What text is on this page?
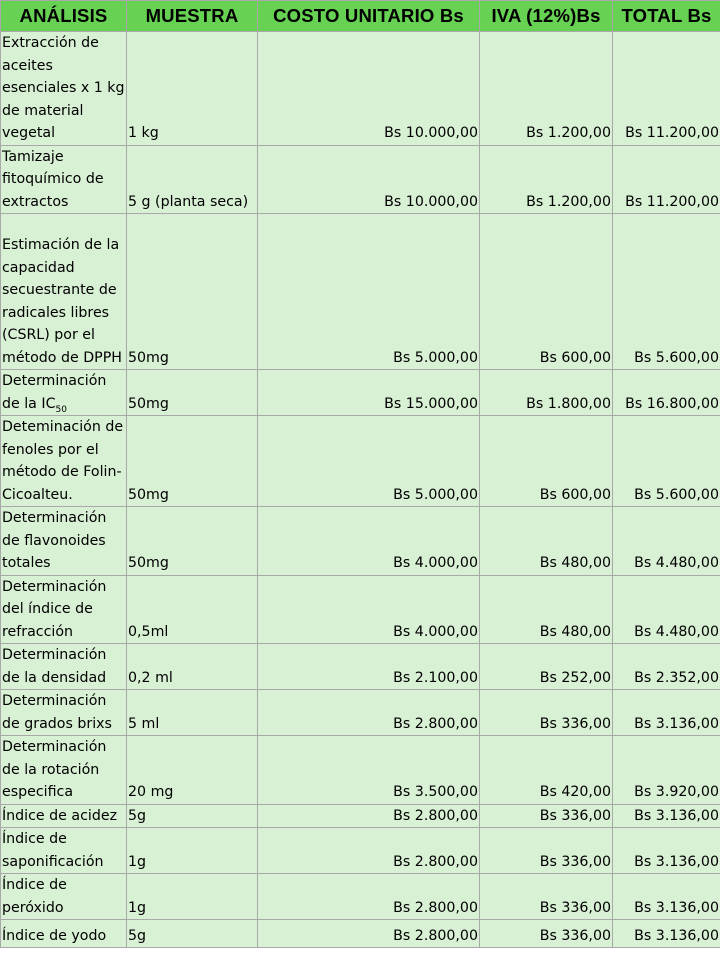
ANÁLISIS	MUESTRA	COSTO UNITARIO Bs	IVA (12%)Bs	TOTAL Bs
Extracción de aceites esenciales x 1 kg de material vegetal	1 kg	Bs 10.000,00	Bs 1.200,00	Bs 11.200,00
Tamizaje fitoquímico de extractos	5 g (planta seca)	Bs 10.000,00	Bs 1.200,00	Bs 11.200,00
Estimación de la capacidad secuestrante de radicales libres (CSRL) por el método de DPPH	50mg	Bs 5.000,00	Bs 600,00	Bs 5.600,00
Determinación de la $IC_{50}$	50mg	Bs 15.000,00	Bs 1.800,00	Bs 16.800,00
Deteminación de fenoles por el método de Folin-Cicoalteu.	50mg	Bs 5.000,00	Bs 600,00	Bs 5.600,00
Determinación de flavonoides totales	50mg	Bs 4.000,00	Bs 480,00	Bs 4.480,00
Determinación del índice de refracción	0,5ml	Bs 4.000,00	Bs 480,00	Bs 4.480,00
Determinación de la densidad	0,2 ml	Bs 2.100,00	Bs 252,00	Bs 2.352,00
Determinación de grados brixs	5 ml	Bs 2.800,00	Bs 336,00	Bs 3.136,00
Determinación de la rotación especifica	20 mg	Bs 3.500,00	Bs 420,00	Bs 3.920,00
Índice de acidez	5g	Bs 2.800,00	Bs 336,00	Bs 3.136,00
Índice de saponificación	1g	Bs 2.800,00	Bs 336,00	Bs 3.136,00
Índice de peróxido	1g	Bs 2.800,00	Bs 336,00	Bs 3.136,00
Índice de yodo	5g	Bs 2.800,00	Bs 336,00	Bs 3.136,00
